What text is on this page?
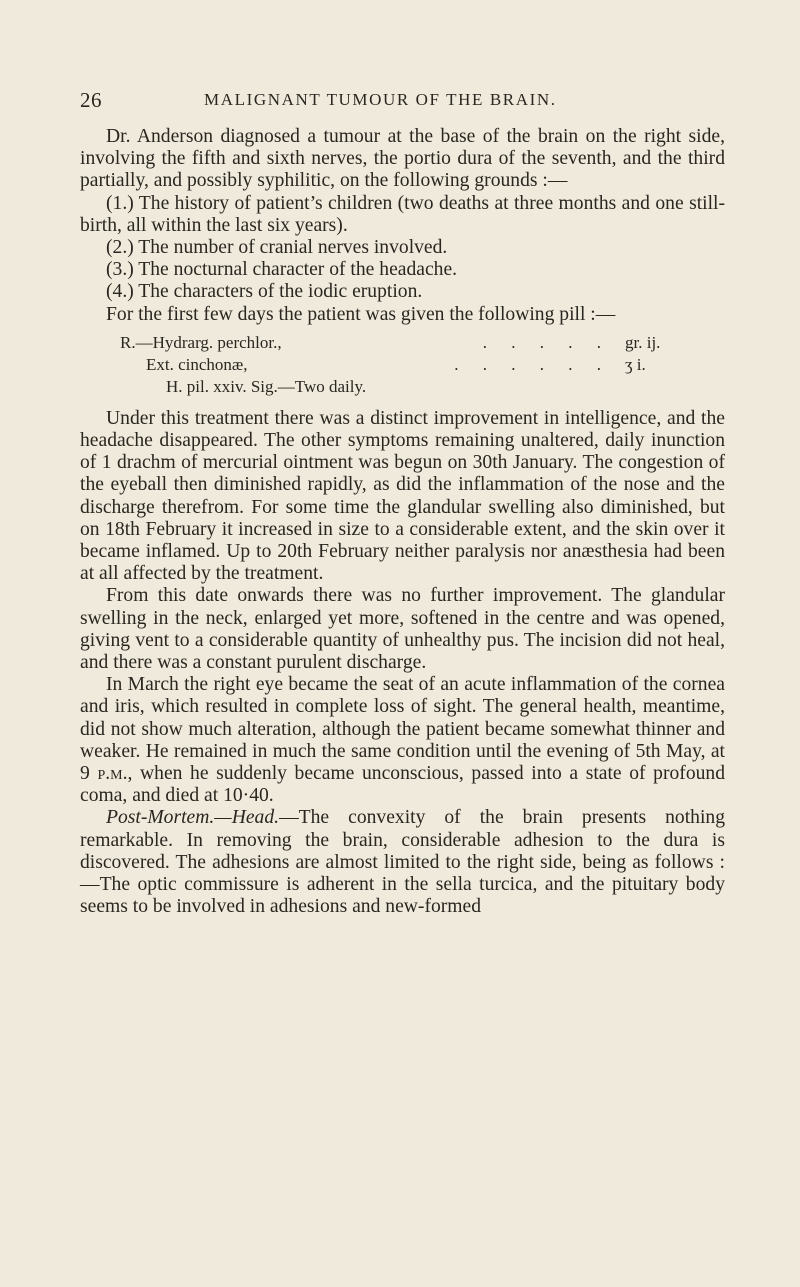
26	MALIGNANT TUMOUR OF THE BRAIN.

Dr. Anderson diagnosed a tumour at the base of the brain on the right side, involving the fifth and sixth nerves, the portio dura of the seventh, and the third partially, and possibly syphilitic, on the following grounds :—

(1.) The history of patient’s children (two deaths at three months and one still-birth, all within the last six years).

(2.) The number of cranial nerves involved.

(3.) The nocturnal character of the headache.

(4.) The characters of the iodic eruption.

For the first few days the patient was given the following pill :—

R.—Hydrarg. perchlor.,	. . . . . gr. ij.
Ext. cinchonæ,	. . . . . . ʒ i.
H. pil. xxiv. Sig.—Two daily.

Under this treatment there was a distinct improvement in intelligence, and the headache disappeared. The other symptoms remaining unaltered, daily inunction of 1 drachm of mercurial ointment was begun on 30th January. The congestion of the eyeball then diminished rapidly, as did the inflammation of the nose and the discharge therefrom. For some time the glandular swelling also diminished, but on 18th February it increased in size to a considerable extent, and the skin over it became inflamed. Up to 20th February neither paralysis nor anæsthesia had been at all affected by the treatment.

From this date onwards there was no further improvement. The glandular swelling in the neck, enlarged yet more, softened in the centre and was opened, giving vent to a considerable quantity of unhealthy pus. The incision did not heal, and there was a constant purulent discharge.

In March the right eye became the seat of an acute inflammation of the cornea and iris, which resulted in complete loss of sight. The general health, meantime, did not show much alteration, although the patient became somewhat thinner and weaker. He remained in much the same condition until the evening of 5th May, at 9 p.m., when he suddenly became unconscious, passed into a state of profound coma, and died at 10·40.

Post-Mortem.—Head.—The convexity of the brain presents nothing remarkable. In removing the brain, considerable adhesion to the dura is discovered. The adhesions are almost limited to the right side, being as follows :—The optic commissure is adherent in the sella turcica, and the pituitary body seems to be involved in adhesions and new-formed
